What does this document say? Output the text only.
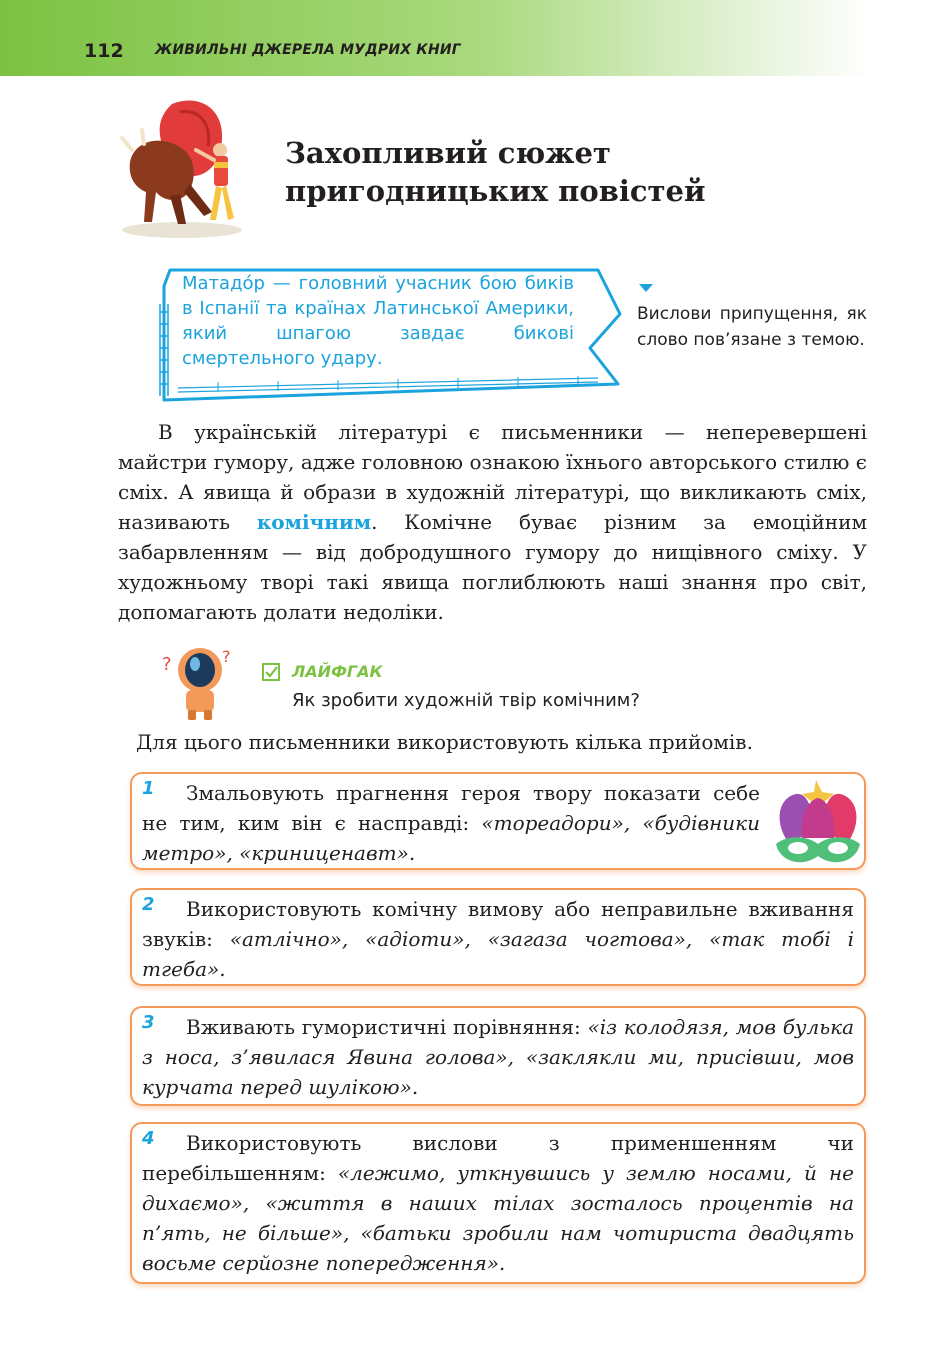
112 ЖИВИЛЬНІ ДЖЕРЕЛА МУДРИХ КНИГ
Захопливий сюжет
пригодницьких повістей
Матадо́р — головний учасник бою биків в Іспанії та країнах Латинської Америки, який шпагою завдає бикові смертельного удару.
Вислови припущення, як слово пов’язане з темою.

В українській літературі є письменники — неперевершені майстри гумору, адже головною ознакою їхнього авторського стилю є сміх. А явища й образи в художній літературі, що викликають сміх, називають комічним. Комічне буває різним за емоційним забарвленням — від добродушного гумору до нищівного сміху. У художньому творі такі явища поглиблюють наші знання про світ, допомагають долати недоліки.

?	?
ЛАЙФГАК
Як зробити художній твір комічним?
Для цього письменники використовують кілька прийомів.
1	Змальовують прагнення героя твору показати себе не тим, ким він є насправді: «тореадори», «будівники метро», «криниценавт».

2	Використовують комічну вимову або неправильне вживання звуків: «атлічно», «адіоти», «загаза чогтова», «так тобі і тгеба».

3	Вживають гумористичні порівняння: «із колодязя, мов булька з носа, з’явилася Явина голова», «заклякли ми, присівши, мов курчата перед шулікою».

4	Використовують вислови з применшенням чи перебільшенням: «лежимо, уткнувшись у землю носами, й не дихаємо», «життя в наших тілах зосталось процентів на п’ять, не більше», «батьки зробили нам чотириста двадцять восьме серйозне попередження».
